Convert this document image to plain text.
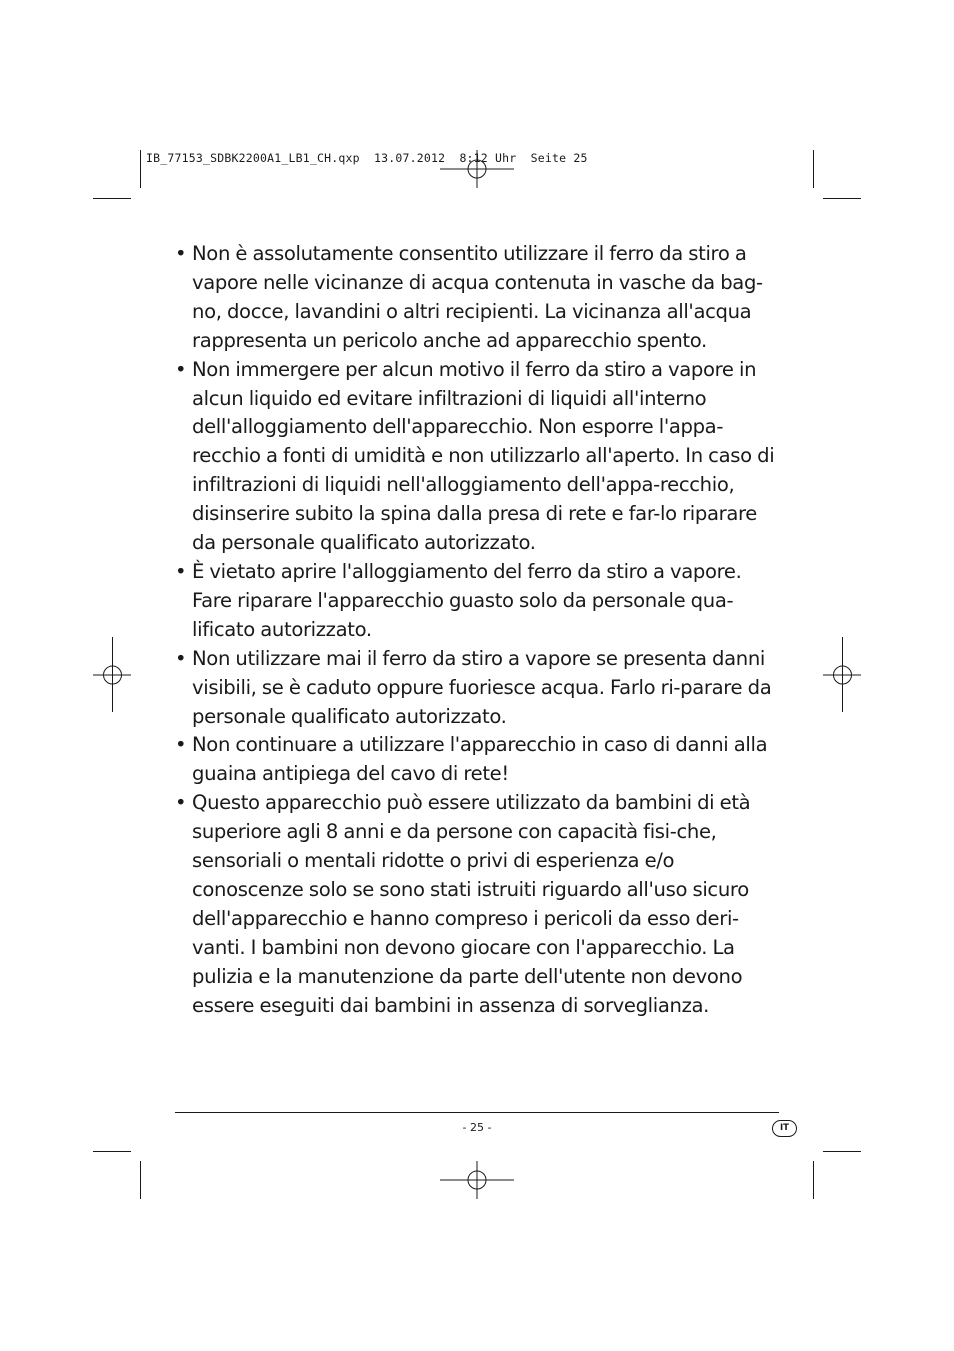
IB_77153_SDBK2200A1_LB1_CH.qxp  13.07.2012  8:12 Uhr  Seite 25
• Non è assolutamente consentito utilizzare il ferro da stiro a vapore nelle vicinanze di acqua contenuta in vasche da bag-no, docce, lavandini o altri recipienti. La vicinanza all'acqua rappresenta un pericolo anche ad apparecchio spento.
• Non immergere per alcun motivo il ferro da stiro a vapore in alcun liquido ed evitare infiltrazioni di liquidi all'interno dell'alloggiamento dell'apparecchio. Non esporre l'appa-recchio a fonti di umidità e non utilizzarlo all'aperto. In caso di infiltrazioni di liquidi nell'alloggiamento dell'appa-recchio, disinserire subito la spina dalla presa di rete e far-lo riparare da personale qualificato autorizzato.
• È vietato aprire l'alloggiamento del ferro da stiro a vapore. Fare riparare l'apparecchio guasto solo da personale qua-lificato autorizzato.
• Non utilizzare mai il ferro da stiro a vapore se presenta danni visibili, se è caduto oppure fuoriesce acqua. Farlo ri-parare da personale qualificato autorizzato.
• Non continuare a utilizzare l'apparecchio in caso di danni alla guaina antipiega del cavo di rete!
• Questo apparecchio può essere utilizzato da bambini di età superiore agli 8 anni e da persone con capacità fisi-che, sensoriali o mentali ridotte o privi di esperienza e/o conoscenze solo se sono stati istruiti riguardo all'uso sicuro dell'apparecchio e hanno compreso i pericoli da esso deri-vanti. I bambini non devono giocare con l'apparecchio. La pulizia e la manutenzione da parte dell'utente non devono essere eseguiti dai bambini in assenza di sorveglianza.
- 25 -	IT
